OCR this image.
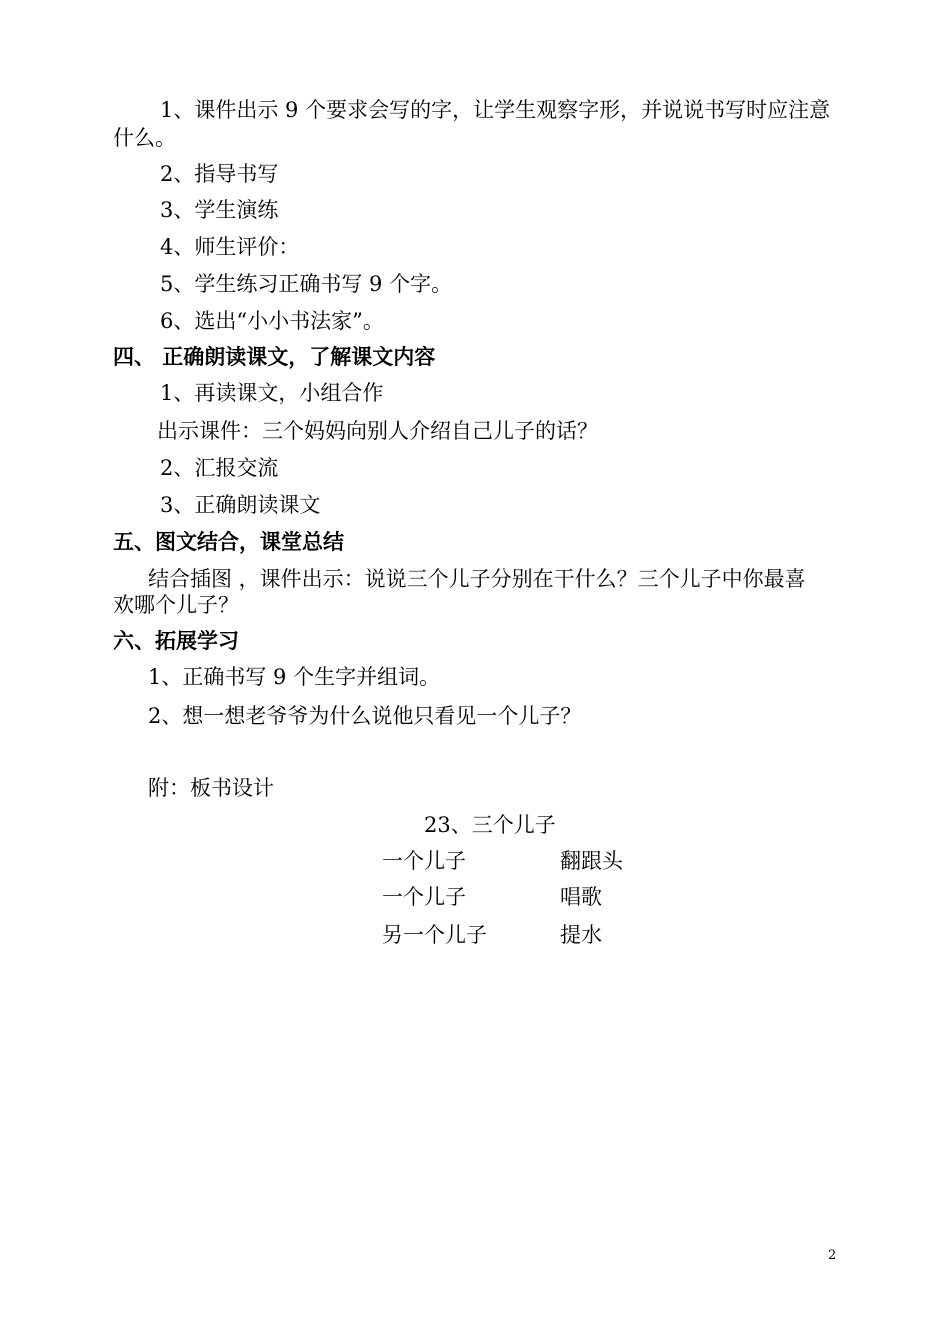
1、课件出示 9 个要求会写的字，让学生观察字形，并说说书写时应注意
什么。
2、指导书写
3、学生演练
4、师生评价：
5、学生练习正确书写 9 个字。
6、选出“小小书法家”。
四、 正确朗读课文，了解课文内容
1、再读课文，小组合作
出示课件：三个妈妈向别人介绍自己儿子的话？
2、汇报交流
3、正确朗读课文
五、图文结合，课堂总结
结合插图 ，课件出示：说说三个儿子分别在干什么？三个儿子中你最喜
欢哪个儿子？
六、拓展学习
1、正确书写 9 个生字并组词。
2、想一想老爷爷为什么说他只看见一个儿子？
附：板书设计
23、三个儿子
一个儿子	翻跟头
一个儿子	唱歌
另一个儿子	提水
2
